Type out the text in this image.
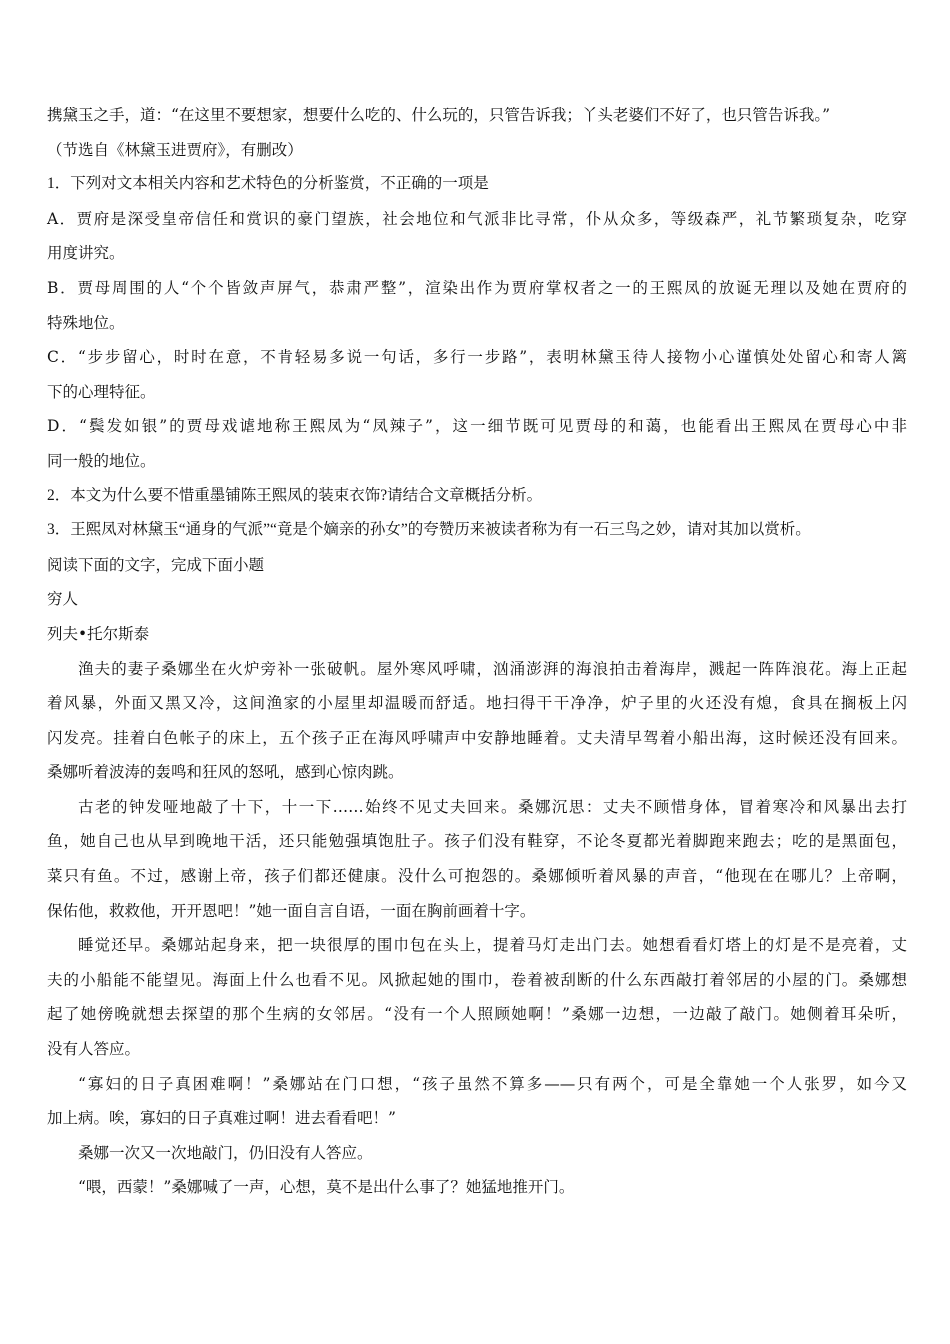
携黛玉之手，道：“在这里不要想家，想要什么吃的、什么玩的，只管告诉我；丫头老婆们不好了，也只管告诉我。”
（节选自《林黛玉进贾府》，有删改）
1．下列对文本相关内容和艺术特色的分析鉴赏，不正确的一项是
A．贾府是深受皇帝信任和赏识的豪门望族，社会地位和气派非比寻常，仆从众多，等级森严，礼节繁琐复杂，吃穿
用度讲究。
B．贾母周围的人“个个皆敛声屏气，恭肃严整”，渲染出作为贾府掌权者之一的王熙凤的放诞无理以及她在贾府的
特殊地位。
C．“步步留心，时时在意，不肯轻易多说一句话，多行一步路”，表明林黛玉待人接物小心谨慎处处留心和寄人篱
下的心理特征。
D．“鬓发如银”的贾母戏谑地称王熙凤为“凤辣子”，这一细节既可见贾母的和蔼，也能看出王熙凤在贾母心中非
同一般的地位。
2．本文为什么要不惜重墨铺陈王熙凤的装束衣饰?请结合文章概括分析。
3．王熙凤对林黛玉“通身的气派”“竟是个嫡亲的孙女”的夸赞历来被读者称为有一石三鸟之妙，请对其加以赏析。
阅读下面的文字，完成下面小题
穷人
列夫•托尔斯泰
渔夫的妻子桑娜坐在火炉旁补一张破帆。屋外寒风呼啸，汹涌澎湃的海浪拍击着海岸，溅起一阵阵浪花。海上正起
着风暴，外面又黑又冷，这间渔家的小屋里却温暖而舒适。地扫得干干净净，炉子里的火还没有熄，食具在搁板上闪
闪发亮。挂着白色帐子的床上，五个孩子正在海风呼啸声中安静地睡着。丈夫清早驾着小船出海，这时候还没有回来。
桑娜听着波涛的轰鸣和狂风的怒吼，感到心惊肉跳。
古老的钟发哑地敲了十下，十一下……始终不见丈夫回来。桑娜沉思：丈夫不顾惜身体，冒着寒冷和风暴出去打
鱼，她自己也从早到晚地干活，还只能勉强填饱肚子。孩子们没有鞋穿，不论冬夏都光着脚跑来跑去；吃的是黑面包，
菜只有鱼。不过，感谢上帝，孩子们都还健康。没什么可抱怨的。桑娜倾听着风暴的声音，“他现在在哪儿？上帝啊，
保佑他，救救他，开开恩吧！”她一面自言自语，一面在胸前画着十字。
睡觉还早。桑娜站起身来，把一块很厚的围巾包在头上，提着马灯走出门去。她想看看灯塔上的灯是不是亮着，丈
夫的小船能不能望见。海面上什么也看不见。风掀起她的围巾，卷着被刮断的什么东西敲打着邻居的小屋的门。桑娜想
起了她傍晚就想去探望的那个生病的女邻居。“没有一个人照顾她啊！”桑娜一边想，一边敲了敲门。她侧着耳朵听，
没有人答应。
“寡妇的日子真困难啊！”桑娜站在门口想，“孩子虽然不算多——只有两个，可是全靠她一个人张罗，如今又
加上病。唉，寡妇的日子真难过啊！进去看看吧！”
桑娜一次又一次地敲门，仍旧没有人答应。
“喂，西蒙！”桑娜喊了一声，心想，莫不是出什么事了？她猛地推开门。
